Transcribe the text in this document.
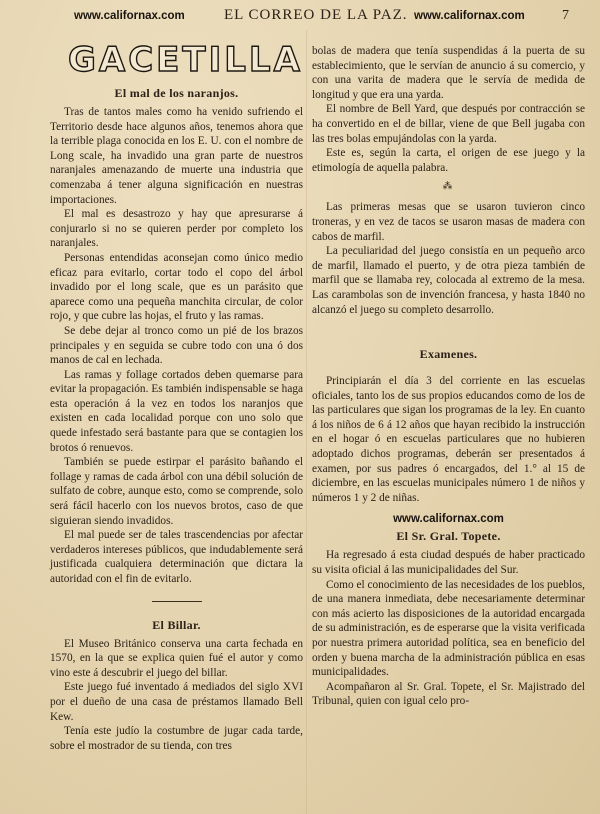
www.californax.com	EL CORREO DE LA PAZ. www.californax.com	7
GACETILLA
El mal de los naranjos.

Tras de tantos males como ha venido sufriendo el Territorio desde hace algunos años, tenemos ahora que la terrible plaga conocida en los E. U. con el nombre de Long scale, ha invadido una gran parte de nuestros naranjales amenazando de muerte una industria que comenzaba á tener alguna significación en nuestras importaciones.

El mal es desastrozo y hay que apresurarse á conjurarlo si no se quieren perder por completo los naranjales.

Personas entendidas aconsejan como único medio eficaz para evitarlo, cortar todo el copo del árbol invadido por el long scale, que es un parásito que aparece como una pequeña manchita circular, de color rojo, y que cubre las hojas, el fruto y las ramas.

Se debe dejar al tronco como un pié de los brazos principales y en seguida se cubre todo con una ó dos manos de cal en lechada.

Las ramas y follage cortados deben quemarse para evitar la propagación. Es también indispensable se haga esta operación á la vez en todos los naranjos que existen en cada localidad porque con uno solo que quede infestado será bastante para que se contagien los brotos ó renuevos.

También se puede estirpar el parásito bañando el follage y ramas de cada árbol con una débil solución de sulfato de cobre, aunque esto, como se comprende, solo será fácil hacerlo con los nuevos brotos, caso de que siguieran siendo invadidos.

El mal puede ser de tales trascendencias por afectar verdaderos intereses públicos, que indudablemente será justificada cualquiera determinación que dictara la autoridad con el fin de evitarlo.

El Billar.

El Museo Británico conserva una carta fechada en 1570, en la que se explica quien fué el autor y como vino este á descubrir el juego del billar.

Este juego fué inventado á mediados del siglo XVI por el dueño de una casa de préstamos llamado Bell Kew.

Tenía este judío la costumbre de jugar cada tarde, sobre el mostrador de su tienda, con tres

bolas de madera que tenía suspendidas á la puerta de su establecimiento, que le servían de anuncio á su comercio, y con una varita de madera que le servía de medida de longitud y que era una yarda.

El nombre de Bell Yard, que después por contracción se ha convertido en el de billar, viene de que Bell jugaba con las tres bolas empujándolas con la yarda.

Este es, según la carta, el origen de ese juego y la etimología de aquella palabra.

⁂

Las primeras mesas que se usaron tuvieron cinco troneras, y en vez de tacos se usaron masas de madera con cabos de marfil.

La peculiaridad del juego consistía en un pequeño arco de marfil, llamado el puerto, y de otra pieza también de marfil que se llamaba rey, colocada al extremo de la mesa. Las carambolas son de invención francesa, y hasta 1840 no alcanzó el juego su completo desarrollo.

Examenes.

Principiarán el día 3 del corriente en las escuelas oficiales, tanto los de sus propios educandos como de los de las particulares que sigan los programas de la ley. En cuanto á los niños de 6 á 12 años que hayan recibido la instrucción en el hogar ó en escuelas particulares que no hubieren adoptado dichos programas, deberán ser presentados á examen, por sus padres ó encargados, del 1.° al 15 de diciembre, en las escuelas municipales número 1 de niños y números 1 y 2 de niñas.

www.californax.com
El Sr. Gral. Topete.

Ha regresado á esta ciudad después de haber practicado su visita oficial á las municipalidades del Sur.

Como el conocimiento de las necesidades de los pueblos, de una manera inmediata, debe necesariamente determinar con más acierto las disposiciones de la autoridad encargada de su administración, es de esperarse que la visita verificada por nuestra primera autoridad política, sea en beneficio del orden y buena marcha de la administración pública en esas municipalidades.

Acompañaron al Sr. Gral. Topete, el Sr. Majistrado del Tribunal, quien con igual celo pro-
